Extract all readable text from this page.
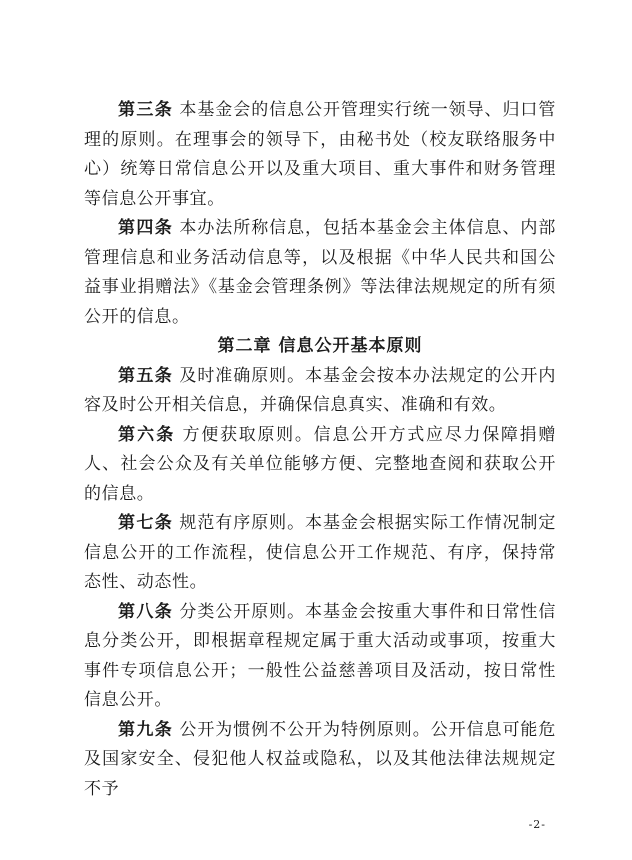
第三条 本基金会的信息公开管理实行统一领导、归口管理的原则。在理事会的领导下，由秘书处（校友联络服务中心）统筹日常信息公开以及重大项目、重大事件和财务管理等信息公开事宜。

第四条 本办法所称信息，包括本基金会主体信息、内部管理信息和业务活动信息等，以及根据《中华人民共和国公益事业捐赠法》《基金会管理条例》等法律法规规定的所有须公开的信息。

第二章 信息公开基本原则

第五条 及时准确原则。本基金会按本办法规定的公开内容及时公开相关信息，并确保信息真实、准确和有效。

第六条 方便获取原则。信息公开方式应尽力保障捐赠人、社会公众及有关单位能够方便、完整地查阅和获取公开的信息。

第七条 规范有序原则。本基金会根据实际工作情况制定信息公开的工作流程，使信息公开工作规范、有序，保持常态性、动态性。

第八条 分类公开原则。本基金会按重大事件和日常性信息分类公开，即根据章程规定属于重大活动或事项，按重大事件专项信息公开；一般性公益慈善项目及活动，按日常性信息公开。

第九条 公开为惯例不公开为特例原则。公开信息可能危及国家安全、侵犯他人权益或隐私，以及其他法律法规规定不予

-2-
